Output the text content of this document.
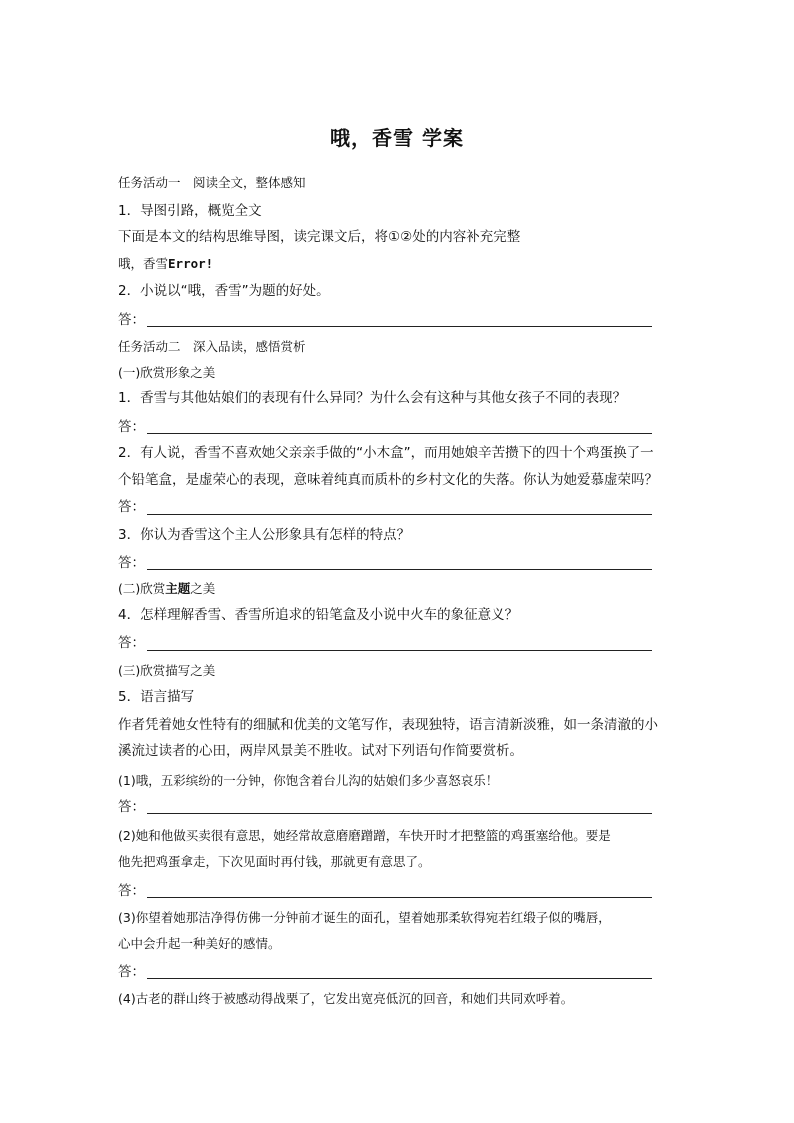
哦，香雪 学案
任务活动一　阅读全文，整体感知
1．导图引路，概览全文
下面是本文的结构思维导图，读完课文后，将①②处的内容补充完整
哦，香雪Error!
2．小说以“哦，香雪”为题的好处。
答：
任务活动二　深入品读，感悟赏析
(一)欣赏形象之美
1．香雪与其他姑娘们的表现有什么异同？为什么会有这种与其他女孩子不同的表现？
答：
2．有人说，香雪不喜欢她父亲亲手做的“小木盒”，而用她娘辛苦攒下的四十个鸡蛋换了一
个铅笔盒，是虚荣心的表现，意味着纯真而质朴的乡村文化的失落。你认为她爱慕虚荣吗？
答：
3．你认为香雪这个主人公形象具有怎样的特点？
答：
(二)欣赏主题之美
4．怎样理解香雪、香雪所追求的铅笔盒及小说中火车的象征意义？
答：
(三)欣赏描写之美
5．语言描写
作者凭着她女性特有的细腻和优美的文笔写作，表现独特，语言清新淡雅，如一条清澈的小
溪流过读者的心田，两岸风景美不胜收。试对下列语句作简要赏析。
(1)哦，五彩缤纷的一分钟，你饱含着台儿沟的姑娘们多少喜怒哀乐！
答：
(2)她和他做买卖很有意思，她经常故意磨磨蹭蹭，车快开时才把整篮的鸡蛋塞给他。要是
他先把鸡蛋拿走，下次见面时再付钱，那就更有意思了。
答：
(3)你望着她那洁净得仿佛一分钟前才诞生的面孔，望着她那柔软得宛若红缎子似的嘴唇，
心中会升起一种美好的感情。
答：
(4)古老的群山终于被感动得战栗了，它发出宽亮低沉的回音，和她们共同欢呼着。
